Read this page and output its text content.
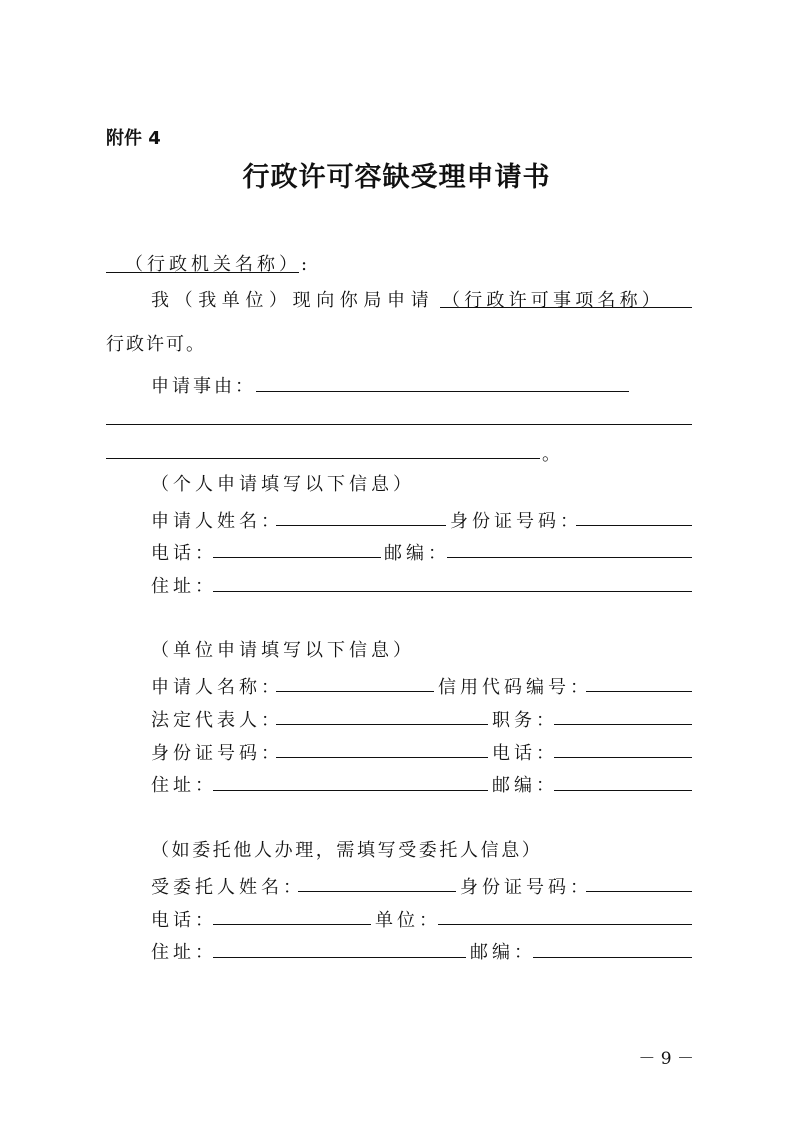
附件 4
行政许可容缺受理申请书
（行政机关名称）:
我（我单位）现向你局申请 （行政许可事项名称）
行政许可。
申请事由：
。
（个人申请填写以下信息）
申请人姓名：	身份证号码：
电话：	邮编：
住址：
（单位申请填写以下信息）
申请人名称：	信用代码编号：
法定代表人：	职务：
身份证号码：	电话：
住址：	邮编：
（如委托他人办理，需填写受委托人信息）
受委托人姓名：	身份证号码：
电话：	单位：
住址：	邮编：
－ 9 －
